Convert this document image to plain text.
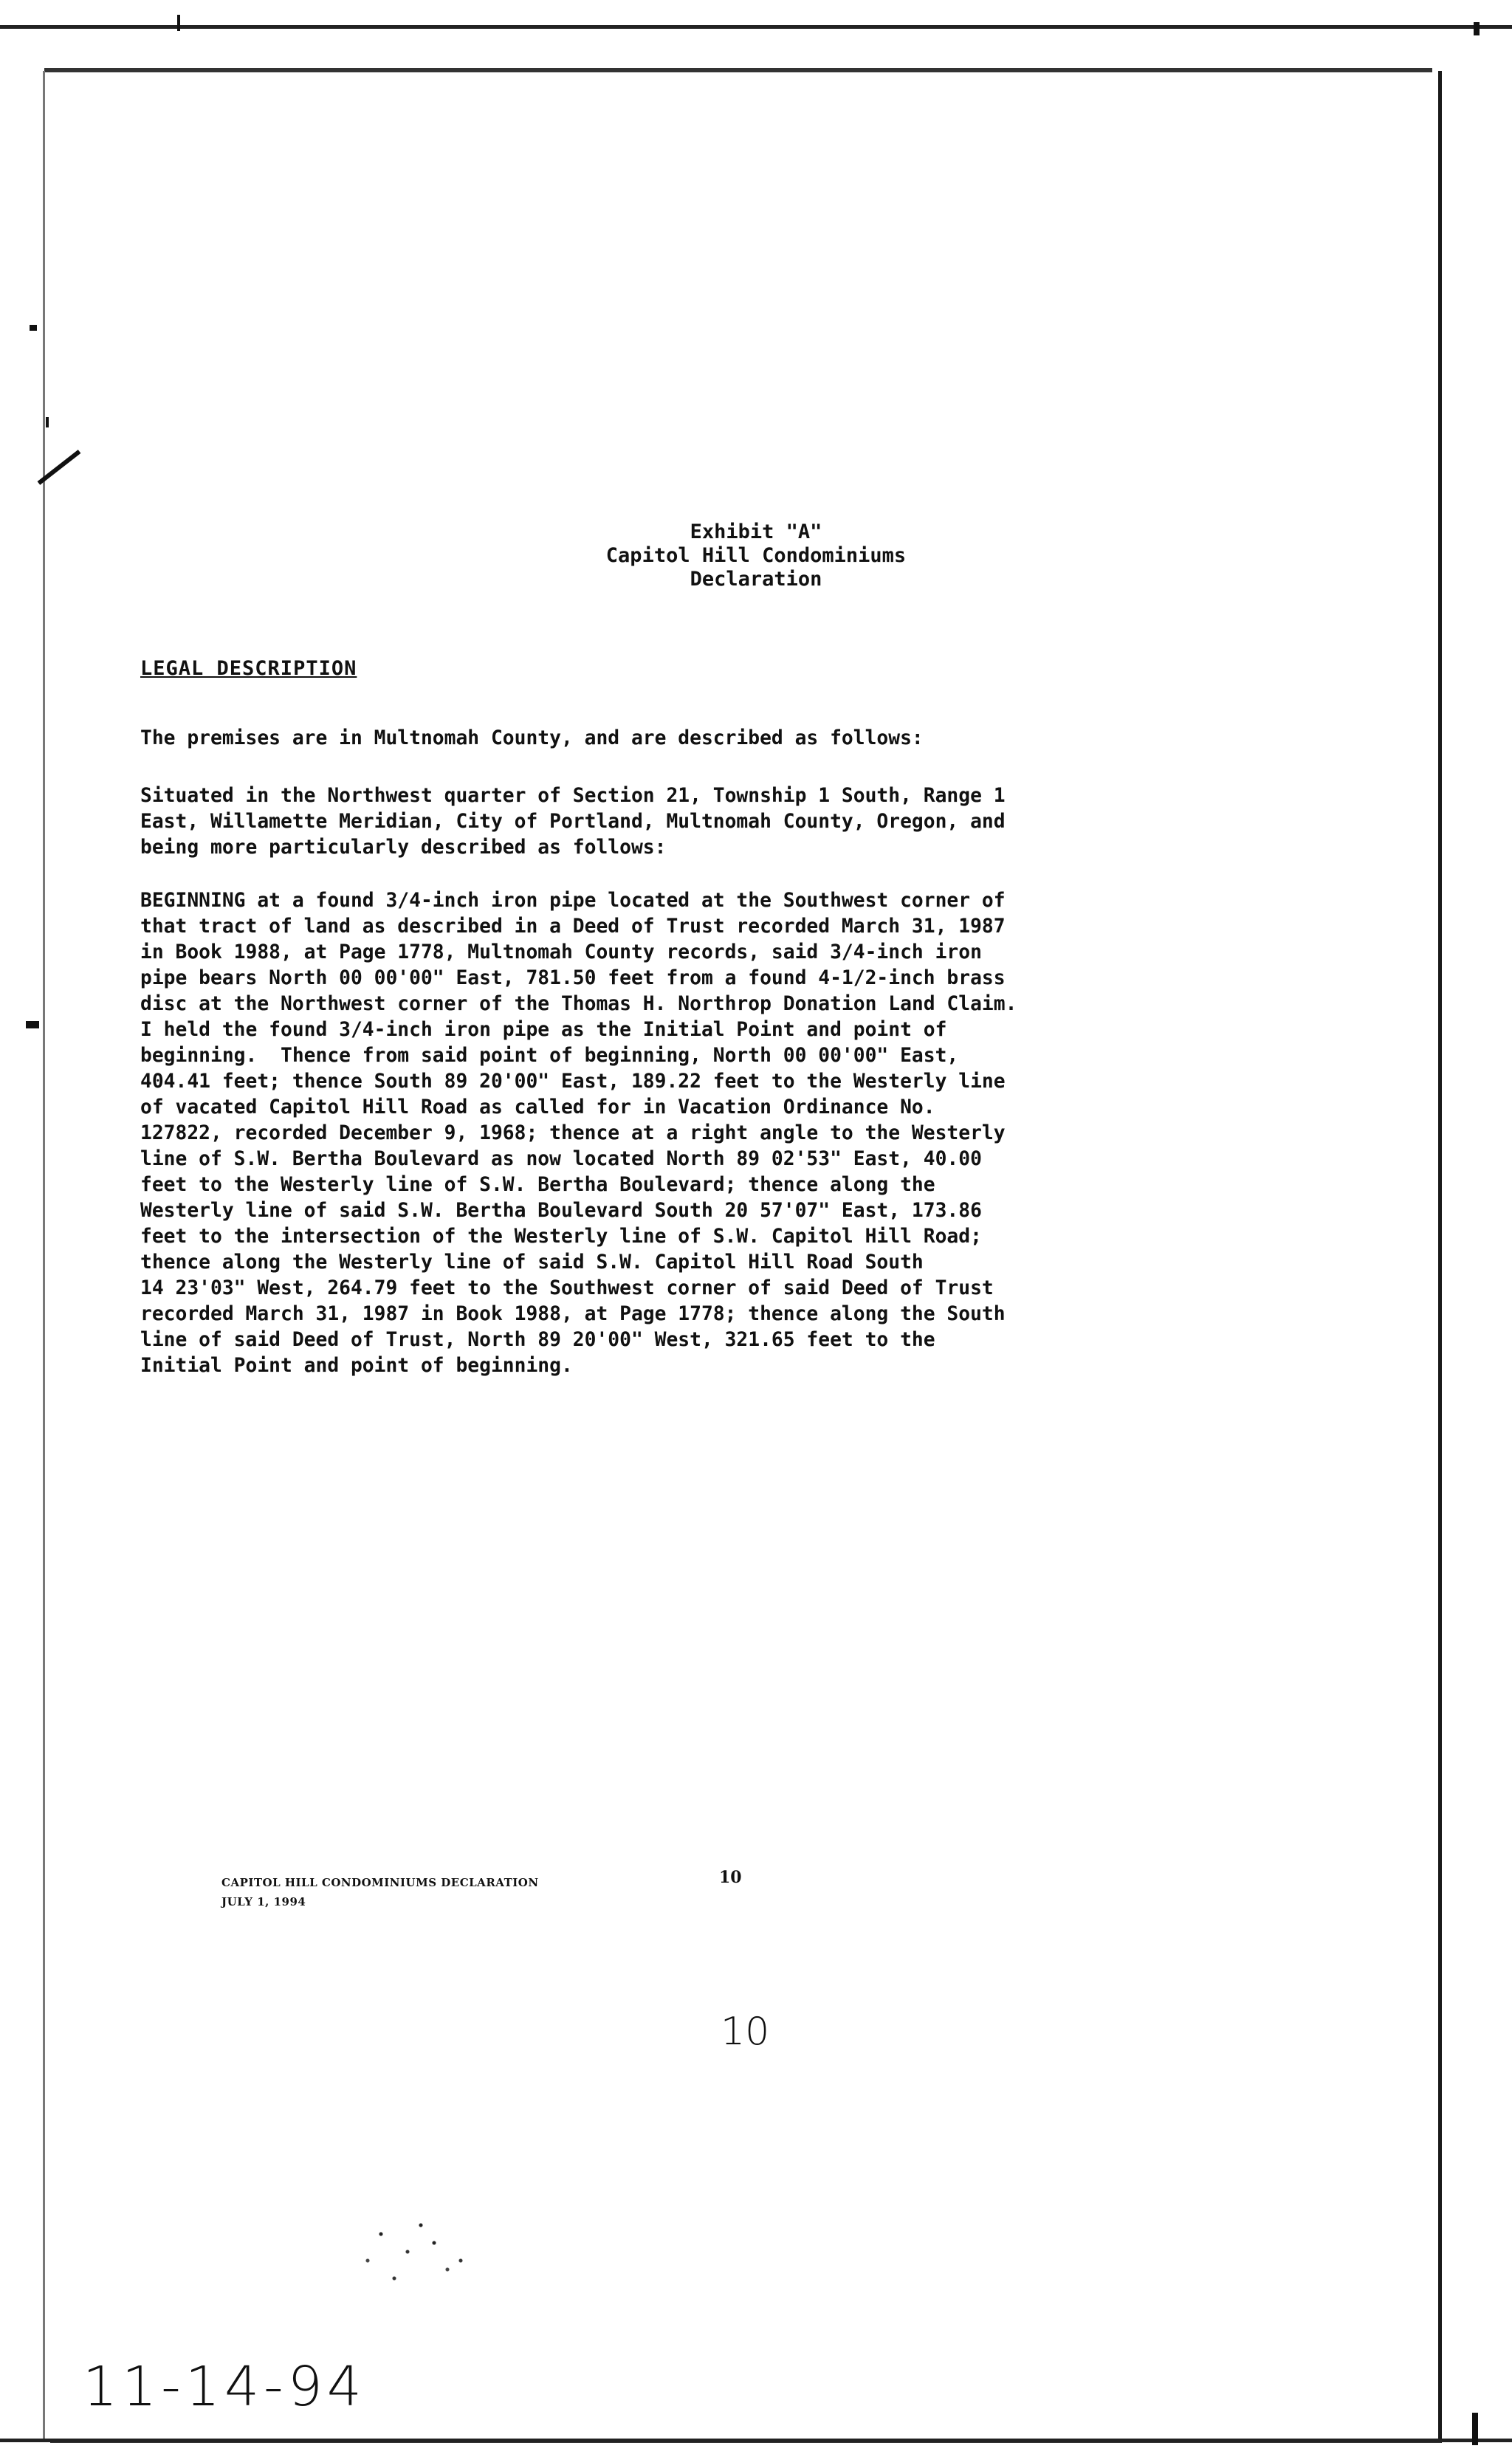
Exhibit "A"
Capitol Hill Condominiums
Declaration
LEGAL DESCRIPTION
The premises are in Multnomah County, and are described as follows:
Situated in the Northwest quarter of Section 21, Township 1 South, Range 1
East, Willamette Meridian, City of Portland, Multnomah County, Oregon, and
being more particularly described as follows:
BEGINNING at a found 3/4-inch iron pipe located at the Southwest corner of
that tract of land as described in a Deed of Trust recorded March 31, 1987
in Book 1988, at Page 1778, Multnomah County records, said 3/4-inch iron
pipe bears North 00 00'00" East, 781.50 feet from a found 4-1/2-inch brass
disc at the Northwest corner of the Thomas H. Northrop Donation Land Claim.
I held the found 3/4-inch iron pipe as the Initial Point and point of
beginning.  Thence from said point of beginning, North 00 00'00" East,
404.41 feet; thence South 89 20'00" East, 189.22 feet to the Westerly line
of vacated Capitol Hill Road as called for in Vacation Ordinance No.
127822, recorded December 9, 1968; thence at a right angle to the Westerly
line of S.W. Bertha Boulevard as now located North 89 02'53" East, 40.00
feet to the Westerly line of S.W. Bertha Boulevard; thence along the
Westerly line of said S.W. Bertha Boulevard South 20 57'07" East, 173.86
feet to the intersection of the Westerly line of S.W. Capitol Hill Road;
thence along the Westerly line of said S.W. Capitol Hill Road South
14 23'03" West, 264.79 feet to the Southwest corner of said Deed of Trust
recorded March 31, 1987 in Book 1988, at Page 1778; thence along the South
line of said Deed of Trust, North 89 20'00" West, 321.65 feet to the
Initial Point and point of beginning.
CAPITOL HILL CONDOMINIUMS DECLARATION
JULY 1, 1994
10
10
11-14-94
